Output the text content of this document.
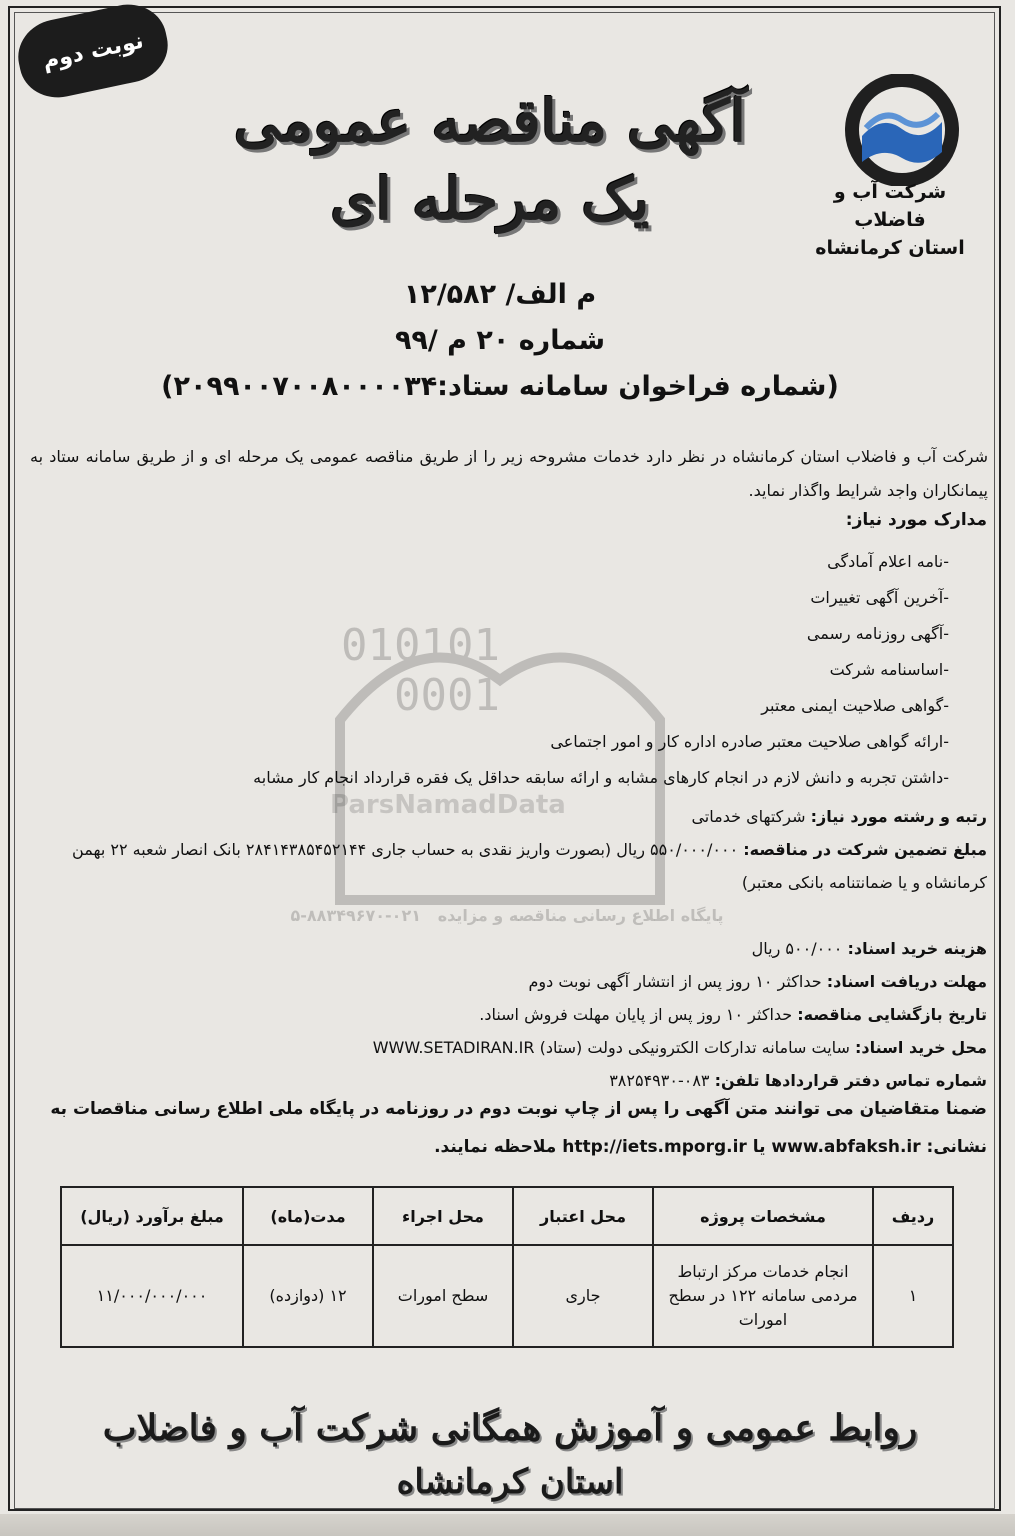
نوبت دوم
شرکت آب و فاضلاب
استان کرمانشاه
آگهی مناقصه عمومی
یک مرحله ای
م الف/ ۱۲/۵۸۲
شماره ۲۰ م /۹۹
(شماره فراخوان سامانه ستاد:۲۰۹۹۰۰۷۰۰۸۰۰۰۰۳۴)
شرکت آب و فاضلاب استان کرمانشاه در نظر دارد خدمات مشروحه زیر را از طریق مناقصه عمومی یک مرحله ای و از طریق سامانه ستاد به پیمانکاران واجد شرایط واگذار نماید.
مدارک مورد نیاز:
-نامه اعلام آمادگی
-آخرین آگهی تغییرات
-آگهی روزنامه رسمی
-اساسنامه شرکت
-گواهی صلاحیت ایمنی معتبر
-ارائه گواهی صلاحیت معتبر صادره اداره کار و امور اجتماعی
-داشتن تجربه و دانش لازم در انجام کارهای مشابه و ارائه سابقه حداقل یک فقره قرارداد انجام کار مشابه
010101
0001
ParsNamadData	رتبه و رشته مورد نیاز: شرکتهای خدماتی
مبلغ تضمین شرکت در مناقصه: ۵۵۰/۰۰۰/۰۰۰ ریال (بصورت واریز نقدی به حساب جاری ۲۸۴۱۴۳۸۵۴۵۲۱۴۴ بانک انصار شعبه ۲۲ بهمن کرمانشاه و یا ضمانتنامه بانکی معتبر)
پایگاه اطلاع رسانی مناقصه و مزایده   ۰۲۱-۸۸۳۴۹۶۷۰-۵
هزینه خرید اسناد: ۵۰۰/۰۰۰ ریال
مهلت دریافت اسناد: حداکثر ۱۰ روز پس از انتشار آگهی نوبت دوم
تاریخ بازگشایی مناقصه: حداکثر ۱۰ روز پس از پایان مهلت فروش اسناد.
محل خرید اسناد: سایت سامانه تدارکات الکترونیکی دولت (ستاد) WWW.SETADIRAN.IR
شماره تماس دفتر قراردادها تلفن: ۰۸۳-۳۸۲۵۴۹۳۰
ضمنا متقاضیان می توانند متن آگهی را پس از چاپ نوبت دوم در روزنامه در پایگاه ملی اطلاع رسانی مناقصات به نشانی: www.abfaksh.ir یا http://iets.mporg.ir ملاحظه نمایند.
ردیف	مشخصات پروژه	محل اعتبار	محل اجراء	مدت(ماه)	مبلغ برآورد (ریال)
۱	انجام خدمات مرکز ارتباط مردمی سامانه ۱۲۲ در سطح امورات	جاری	سطح امورات	۱۲ (دوازده)	۱۱/۰۰۰/۰۰۰/۰۰۰
روابط عمومی و آموزش همگانی شرکت آب و فاضلاب
استان کرمانشاه
